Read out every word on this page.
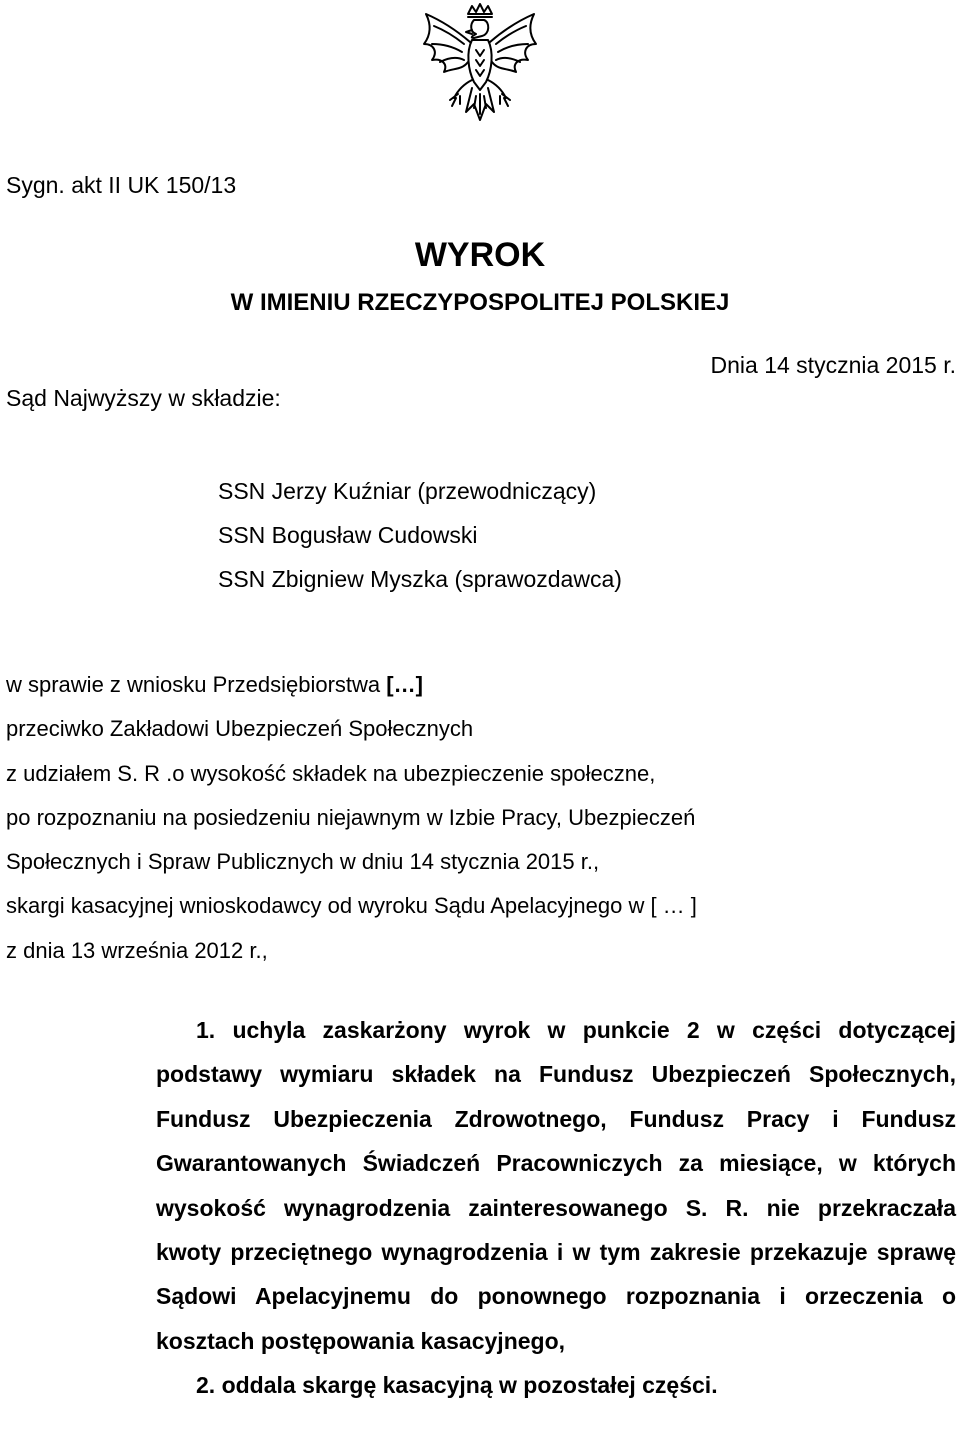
Sygn. akt II UK 150/13
WYROK
W IMIENIU RZECZYPOSPOLITEJ POLSKIEJ
Dnia 14 stycznia 2015 r.
Sąd Najwyższy w składzie:
SSN Jerzy Kuźniar (przewodniczący)
SSN Bogusław Cudowski
SSN Zbigniew Myszka (sprawozdawca)
w sprawie z wniosku Przedsiębiorstwa […]
przeciwko Zakładowi Ubezpieczeń Społecznych
z udziałem S. R .o wysokość składek na ubezpieczenie społeczne,
po rozpoznaniu na posiedzeniu niejawnym w Izbie Pracy, Ubezpieczeń
Społecznych i Spraw Publicznych w dniu 14 stycznia 2015 r.,
skargi kasacyjnej wnioskodawcy od wyroku Sądu Apelacyjnego w [ … ]
z dnia 13 września 2012 r.,

1. uchyla zaskarżony wyrok w punkcie 2 w części dotyczącej podstawy wymiaru składek na Fundusz Ubezpieczeń Społecznych, Fundusz Ubezpieczenia Zdrowotnego, Fundusz Pracy i Fundusz Gwarantowanych Świadczeń Pracowniczych za miesiące, w których wysokość wynagrodzenia zainteresowanego S. R. nie przekraczała kwoty przeciętnego wynagrodzenia i w tym zakresie przekazuje sprawę Sądowi Apelacyjnemu do ponownego rozpoznania i orzeczenia o kosztach postępowania kasacyjnego,

2. oddala skargę kasacyjną w pozostałej części.
